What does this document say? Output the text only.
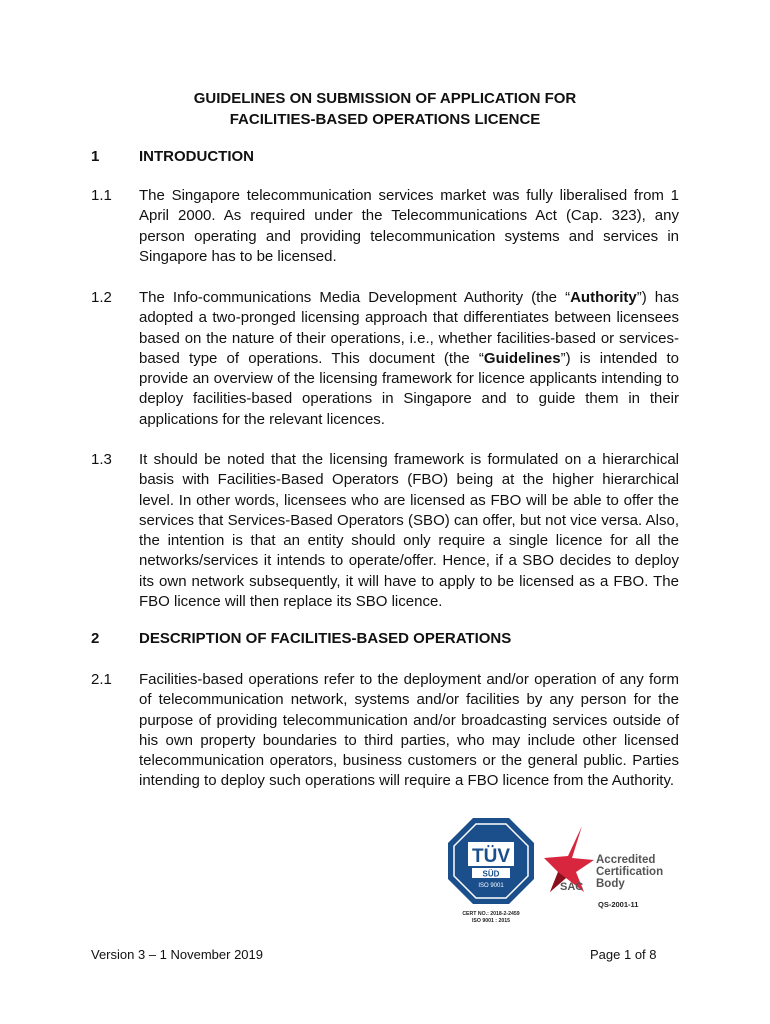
GUIDELINES ON SUBMISSION OF APPLICATION FOR
FACILITIES-BASED OPERATIONS LICENCE
1	INTRODUCTION
1.1 The Singapore telecommunication services market was fully liberalised from 1 April 2000. As required under the Telecommunications Act (Cap. 323), any person operating and providing telecommunication systems and services in Singapore has to be licensed.
1.2 The Info-communications Media Development Authority (the “Authority”) has adopted a two-pronged licensing approach that differentiates between licensees based on the nature of their operations, i.e., whether facilities-based or services-based type of operations. This document (the “Guidelines”) is intended to provide an overview of the licensing framework for licence applicants intending to deploy facilities-based operations in Singapore and to guide them in their applications for the relevant licences.
1.3 It should be noted that the licensing framework is formulated on a hierarchical basis with Facilities-Based Operators (FBO) being at the higher hierarchical level. In other words, licensees who are licensed as FBO will be able to offer the services that Services-Based Operators (SBO) can offer, but not vice versa. Also, the intention is that an entity should only require a single licence for all the networks/services it intends to operate/offer. Hence, if a SBO decides to deploy its own network subsequently, it will have to apply to be licensed as a FBO. The FBO licence will then replace its SBO licence.
2	DESCRIPTION OF FACILITIES-BASED OPERATIONS
2.1 Facilities-based operations refer to the deployment and/or operation of any form of telecommunication network, systems and/or facilities by any person for the purpose of providing telecommunication and/or broadcasting services outside of his own property boundaries to third parties, who may include other licensed telecommunication operators, business customers or the general public. Parties intending to deploy such operations will require a FBO licence from the Authority.
TÜV
SÜD
ISO 9001
CERT NO.: 2018-2-2459
ISO 9001 : 2015
SAC
Accredited
Certification
Body
QS-2001-11
Version 3 – 1 November 2019	Page 1 of 8
